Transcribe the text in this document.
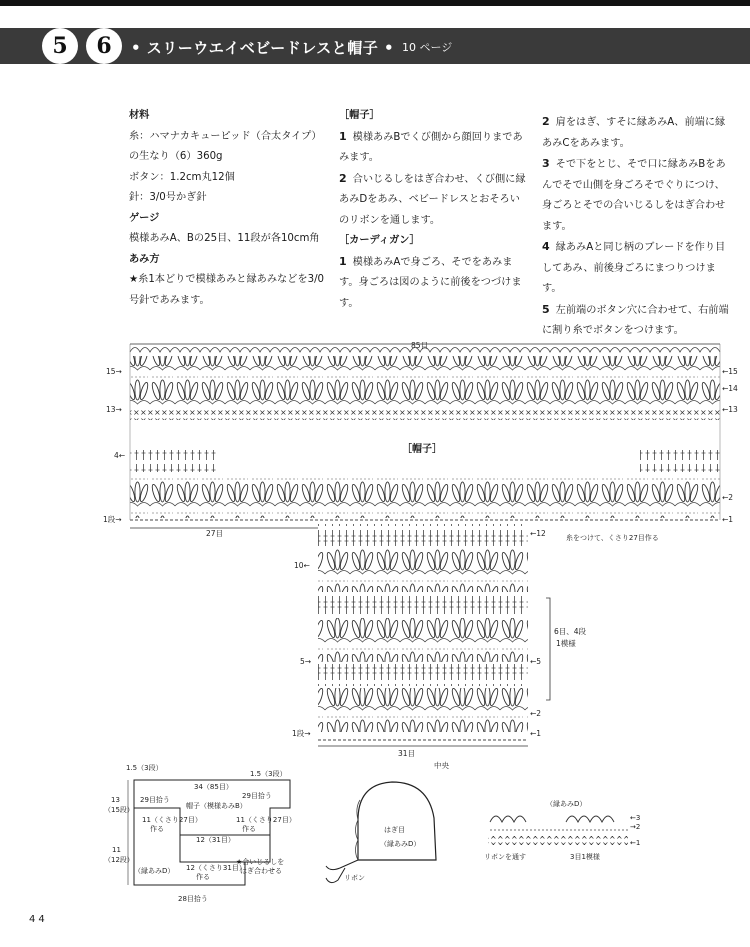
5	6	• スリーウエイベビードレスと帽子 • 10 ページ

材料

糸：ハマナカキューピッド（合太タイプ）の生なり（6）360g

ボタン：1.2cm丸12個

針：3/0号かぎ針

ゲージ

模様あみA、Bの25目、11段が各10cm角

あみ方

★糸1本どりで模様あみと縁あみなどを3/0号針であみます。

［帽子］

1 模様あみBでくび側から顔回りまであみます。

2 合いじるしをはぎ合わせ、くび側に縁あみDをあみ、ベビードレスとおそろいのリボンを通します。

［カーディガン］

1 模様あみAで身ごろ、そでをあみます。身ごろは図のように前後をつづけます。

2 肩をはぎ、すそに縁あみA、前端に縁あみCをあみます。

3 そで下をとじ、そで口に縁あみBをあんでそで山側を身ごろそでぐりにつけ、身ごろとそでの合いじるしをはぎ合わせます。

4 縁あみAと同じ柄のブレードを作り目してあみ、前後身ごろにまつりつけます。

5 左前端のボタン穴に合わせて、右前端に割り糸でボタンをつけます。

85目
［帽子］
15→	←15
←14
13→	←13
4←
←2
1段→	←1
27目	←12	糸をつけて、くさり27目作る
10←
5→	←5
6目、4段
1模様
←2
1段→	←1
31目
中央
1.5（3段）
1.5（3段）
34（85目）
29目拾う	29目拾う
帽子（模様あみB）
13
（15段）
11（くさり27目）
作る
11（くさり27目）
作る
12（31目）
11
（12段）
（縁あみD） 12（くさり31目）
作る
★合いじるしを
はぎ合わせる
28目拾う
はぎ目
（縁あみD）
リボン
（縁あみD）
←3
→2
←1
リボンを通す	3目1模様
44
